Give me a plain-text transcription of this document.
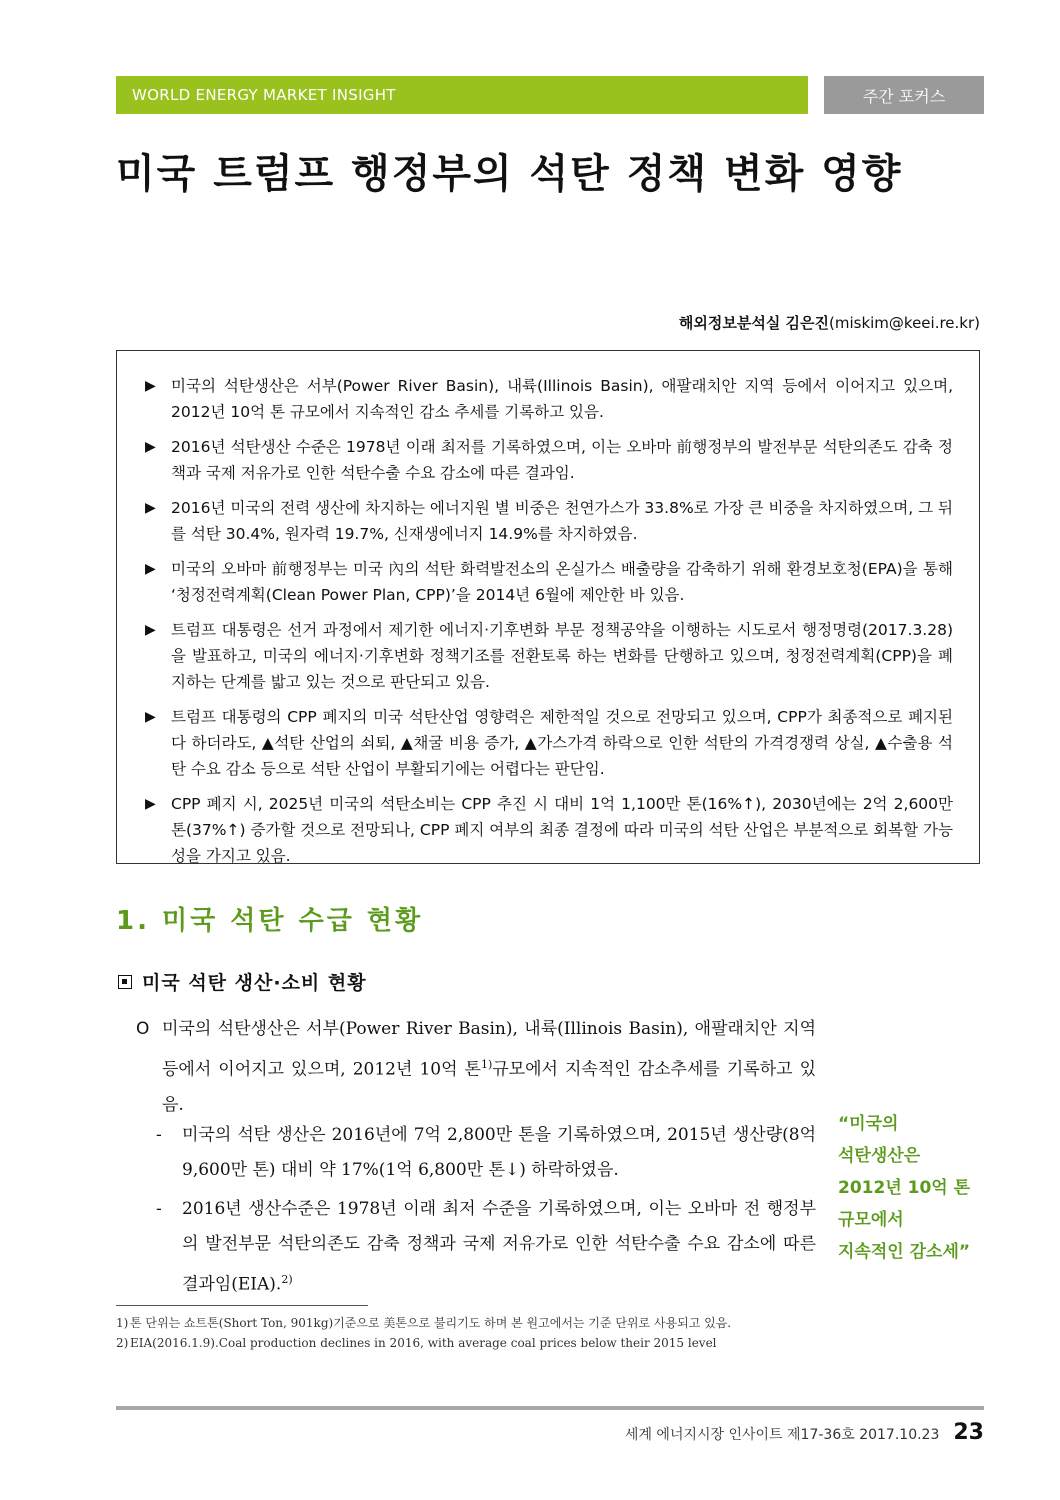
WORLD ENERGY MARKET INSIGHT	주간 포커스
미국 트럼프 행정부의 석탄 정책 변화 영향
해외정보분석실 김은진(miskim@keei.re.kr)
▶ 미국의 석탄생산은 서부(Power River Basin), 내륙(Illinois Basin), 애팔래치안 지역 등에서 이어지고 있으며, 2012년 10억 톤 규모에서 지속적인 감소 추세를 기록하고 있음.
▶ 2016년 석탄생산 수준은 1978년 이래 최저를 기록하였으며, 이는 오바마 前행정부의 발전부문 석탄의존도 감축 정책과 국제 저유가로 인한 석탄수출 수요 감소에 따른 결과임.
▶ 2016년 미국의 전력 생산에 차지하는 에너지원 별 비중은 천연가스가 33.8%로 가장 큰 비중을 차지하였으며, 그 뒤를 석탄 30.4%, 원자력 19.7%, 신재생에너지 14.9%를 차지하였음.
▶ 미국의 오바마 前행정부는 미국 內의 석탄 화력발전소의 온실가스 배출량을 감축하기 위해 환경보호청(EPA)을 통해 ‘청정전력계획(Clean Power Plan, CPP)’을 2014년 6월에 제안한 바 있음.
▶ 트럼프 대통령은 선거 과정에서 제기한 에너지·기후변화 부문 정책공약을 이행하는 시도로서 행정명령(2017.3.28)을 발표하고, 미국의 에너지·기후변화 정책기조를 전환토록 하는 변화를 단행하고 있으며, 청정전력계획(CPP)을 폐지하는 단계를 밟고 있는 것으로 판단되고 있음.
▶ 트럼프 대통령의 CPP 폐지의 미국 석탄산업 영향력은 제한적일 것으로 전망되고 있으며, CPP가 최종적으로 폐지된다 하더라도, ▲석탄 산업의 쇠퇴, ▲채굴 비용 증가, ▲가스가격 하락으로 인한 석탄의 가격경쟁력 상실, ▲수출용 석탄 수요 감소 등으로 석탄 산업이 부활되기에는 어렵다는 판단임.
▶ CPP 폐지 시, 2025년 미국의 석탄소비는 CPP 추진 시 대비 1억 1,100만 톤(16%↑), 2030년에는 2억 2,600만 톤(37%↑) 증가할 것으로 전망되나, CPP 폐지 여부의 최종 결정에 따라 미국의 석탄 산업은 부분적으로 회복할 가능성을 가지고 있음.
1. 미국 석탄 수급 현황
미국 석탄 생산·소비 현황
O 미국의 석탄생산은 서부(Power River Basin), 내륙(Illinois Basin), 애팔래치안 지역 등에서 이어지고 있으며, 2012년 10억 톤$^{1)}$규모에서 지속적인 감소추세를 기록하고 있음.
-	미국의 석탄 생산은 2016년에 7억 2,800만 톤을 기록하였으며, 2015년 생산량(8억 9,600만 톤) 대비 약 17%(1억 6,800만 톤↓) 하락하였음.
-	2016년 생산수준은 1978년 이래 최저 수준을 기록하였으며, 이는 오바마 전 행정부의 발전부문 석탄의존도 감축 정책과 국제 저유가로 인한 석탄수출 수요 감소에 따른 결과임(EIA).$^{2)}$
“미국의
석탄생산은
2012년 10억 톤
규모에서
지속적인 감소세”
1) 톤 단위는 쇼트톤(Short Ton, 901kg)기준으로 美톤으로 불리기도 하며 본 원고에서는 기준 단위로 사용되고 있음.
2) EIA(2016.1.9).Coal production declines in 2016, with average coal prices below their 2015 level
세계 에너지시장 인사이트 제17-36호 2017.10.23 23
